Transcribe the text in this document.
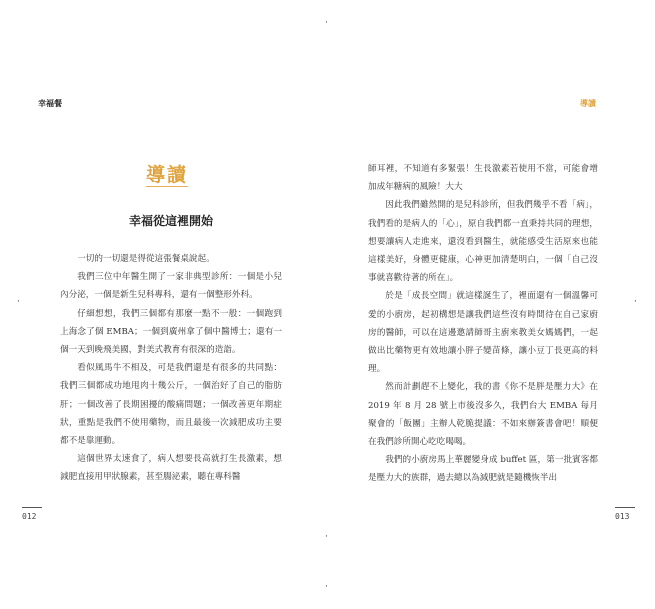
·
·
·	·
·
幸福餐
導讀
幸福從這裡開始

一切的一切還是得從這張餐桌說起。

我們三位中年醫生開了一家非典型診所：一個是小兒內分泌，一個是新生兒科專科，還有一個整形外科。

仔細想想，我們三個都有那麼一點不一般：一個跑到上海念了個 EMBA；一個到廣州拿了個中醫博士；還有一個一天到晚飛美國，對美式教育有很深的造詣。

看似風馬牛不相及，可是我們還是有很多的共同點：我們三個都成功地甩肉十幾公斤，一個治好了自己的脂肪肝；一個改善了長期困擾的酸痛問題；一個改善更年期症狀，重點是我們不使用藥物，而且最後一次減肥成功主要都不是靠運動。

這個世界太速食了，病人想要長高就打生長激素，想減肥直接用甲狀腺素，甚至腸泌素，聽在專科醫

012
導讀

師耳裡，不知道有多緊張！生長激素若使用不當，可能會增加成年糖病的風險！大大

因此我們雖然開的是兒科診所，但我們幾乎不看「病」，我們看的是病人的「心」，原自我們都一直秉持共同的理想，想要讓病人走進來，還沒看到醫生，就能感受生活原來也能這樣美好，身體更健康，心神更加清楚明白，一個「自己沒事就喜歡待著的所在」。

於是「成長空間」就這樣誕生了，裡面還有一個溫馨可愛的小廚房，起初構想是讓我們這些沒有時間待在自己家廚房的醫師，可以在這邊邀請師哥主廚來教美女媽媽們，一起做出比藥物更有效地讓小胖子變苗條，讓小豆丁長更高的料理。

然而計劃趕不上變化，我的書《你不是胖是壓力大》在 2019 年 8 月 28 號上市後沒多久，我們台大 EMBA 每月聚會的「飯團」主辦人乾脆提議：不如來辦簽書會吧！順便在我們診所開心吃吃喝喝。

我們的小廚房馬上華麗變身成 buffet 區，第一批賓客都是壓力大的族群，過去總以為減肥就是隨機恢半出

013
